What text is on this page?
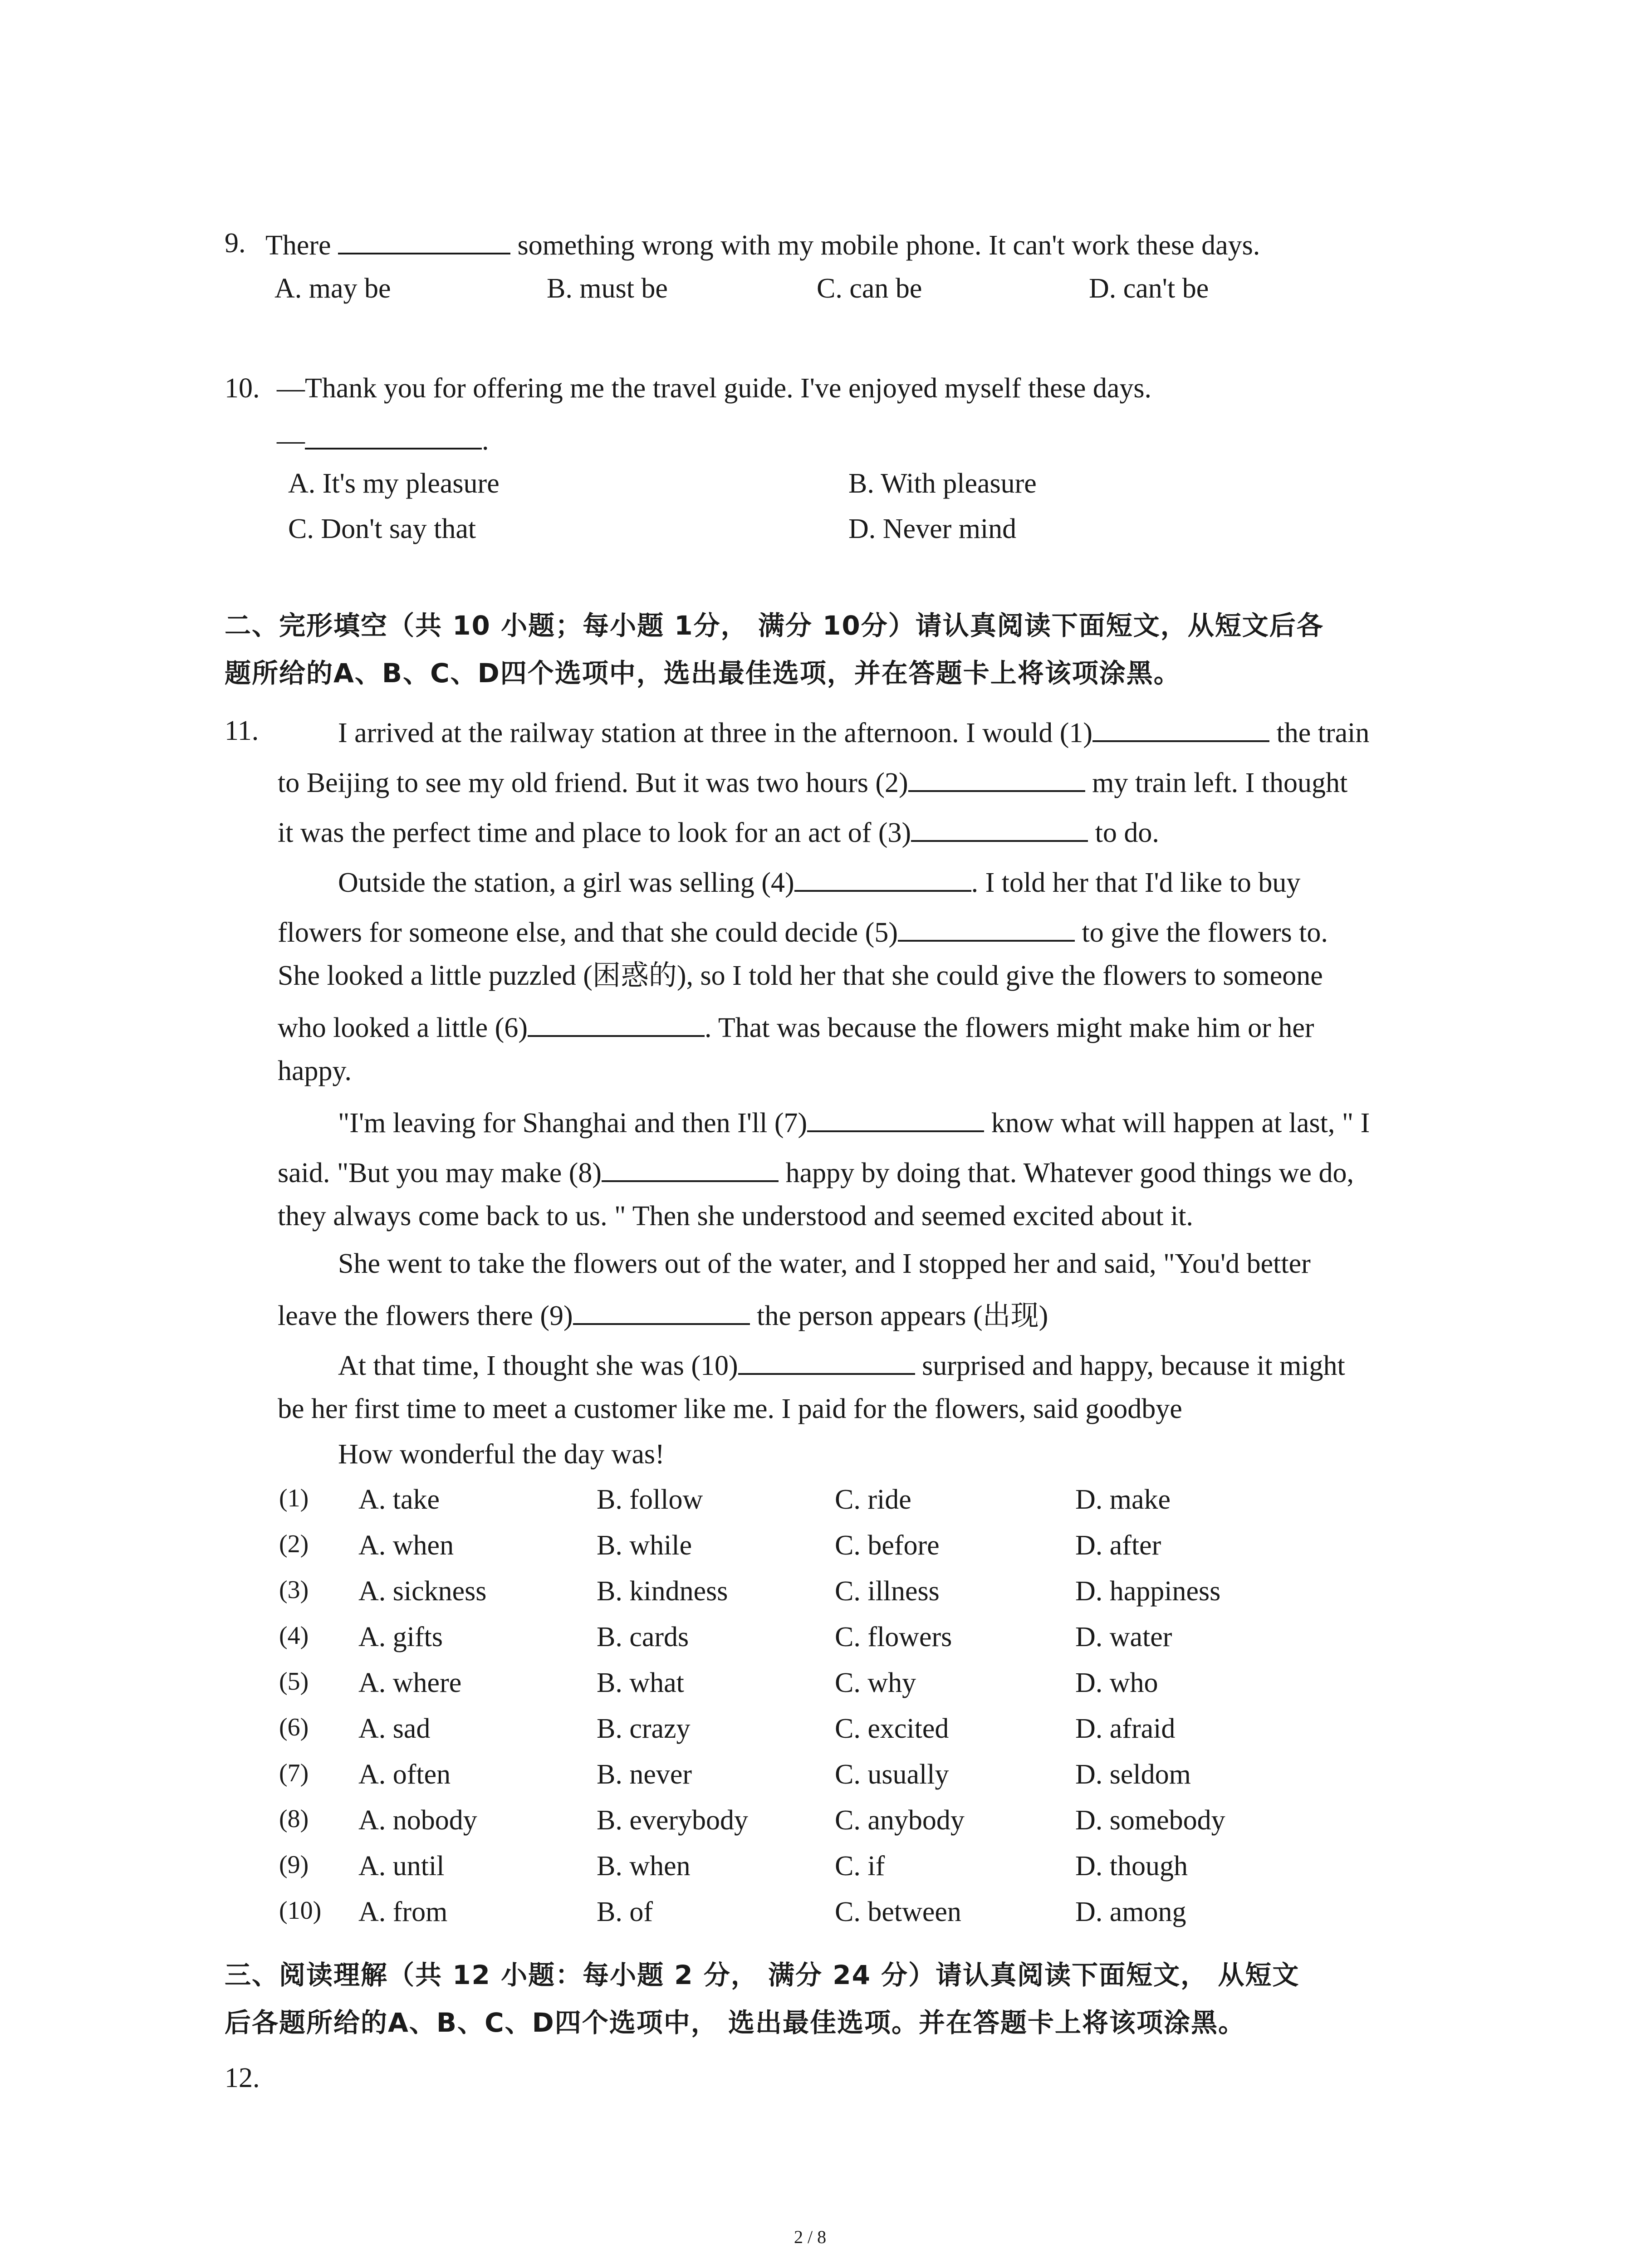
9. There	something wrong with my mobile phone. It can't work these days.
A. may be	B. must be	C. can be	D. can't be
10. —Thank you for offering me the travel guide. I've enjoyed myself these days.
—	.
A. It's my pleasure	B. With pleasure
C. Don't say that	D. Never mind
二、完形填空（共 10 小题；每小题 1分， 满分 10分）请认真阅读下面短文，从短文后各
题所给的A、B、C、D四个选项中，选出最佳选项，并在答题卡上将该项涂黑。
11.	I arrived at the railway station at three in the afternoon. I would (1)	the train
to Beijing to see my old friend. But it was two hours (2)	my train left. I thought
it was the perfect time and place to look for an act of (3)	to do.
Outside the station, a girl was selling (4)	. I told her that I'd like to buy
flowers for someone else, and that she could decide (5)	to give the flowers to.
She looked a little puzzled (困惑的), so I told her that she could give the flowers to someone
who looked a little (6)	. That was because the flowers might make him or her
happy.
"I'm leaving for Shanghai and then I'll (7)	know what will happen at last, " I
said. "But you may make (8)	happy by doing that. Whatever good things we do,
they always come back to us. " Then she understood and seemed excited about it.
She went to take the flowers out of the water, and I stopped her and said, "You'd better
leave the flowers there (9)	the person appears (出现)
At that time, I thought she was (10)	surprised and happy, because it might
be her first time to meet a customer like me. I paid for the flowers, said goodbye
How wonderful the day was!
(1) A. take	B. follow	C. ride	D. make
(2) A. when	B. while	C. before	D. after
(3) A. sickness	B. kindness	C. illness	D. happiness
(4) A. gifts	B. cards	C. flowers	D. water
(5) A. where	B. what	C. why	D. who
(6) A. sad	B. crazy	C. excited	D. afraid
(7) A. often	B. never	C. usually	D. seldom
(8) A. nobody	B. everybody	C. anybody	D. somebody
(9) A. until	B. when	C. if	D. though
(10) A. from	B. of	C. between	D. among
三、阅读理解（共 12 小题：每小题 2 分， 满分 24 分）请认真阅读下面短文， 从短文
后各题所给的A、B、C、D四个选项中， 选出最佳选项。并在答题卡上将该项涂黑。
12.
2 / 8
